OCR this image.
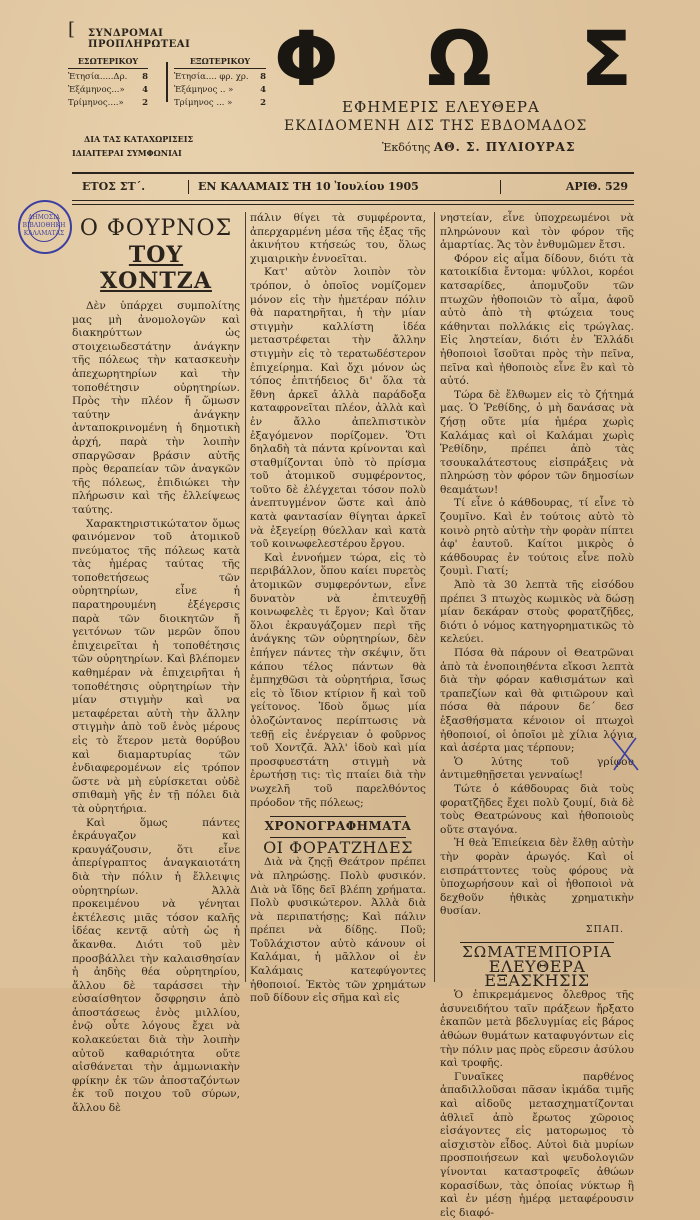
ΔΗΜΟΣΙΑ ΒΙΒΛΙΟΘΗΚΗ ΚΑΛΑΜΑΤΑΣ
[ ΣΥΝΔΡΟΜΑΙ ΠΡΟΠΛΗΡΩΤΕΑΙ
ΕΣΩΤΕΡΙΚΟΥ
Ἐτησία.....Δρ. 8
Ἐξάμηνος...» 4
Τρίμηνος....» 2
ΕΞΩΤΕΡΙΚΟΥ
Ἐτησία.... φρ. χρ. 8
Ἐξάμηνος .. »	4
Τρίμηνος ... »	2
ΔΙΑ ΤΑΣ ΚΑΤΑΧΩΡΙΣΕΙΣ
ΙΔΙΑΙΤΕΡΑΙ ΣΥΜΦΩΝΙΑΙ
Φ Ω Σ
ΕΦΗΜΕΡΙΣ ΕΛΕΥΘΕΡΑ
ΕΚΔΙΔΟΜΕΝΗ ΔΙΣ ΤΗΣ ΕΒΔΟΜΑΔΟΣ
Ἐκδότης ΑΘ. Σ. ΠΥΛΙΟΥΡΑΣ
ΕΤΟΣ ΣΤ΄.	ΕΝ ΚΑΛΑΜΑΙΣ ΤΗ 10 Ἰουλίου 1905	ΑΡΙΘ. 529
Ο ΦΟΥΡΝΟΣ
ΤΟΥ ΧΟΝΤΖΑ

Δὲν ὑπάρχει συμπολίτης μας μὴ ἀνομολογῶν καὶ διακηρύττων ὡς στοιχειωδεστάτην ἀνάγκην τῆς πόλεως τὴν κατασκευὴν ἀπεχωρητηρίων καὶ τὴν τοποθέτησιν οὐρητηρίων. Πρὸς τὴν πλέον ἤ ὥμωσν ταύτην ἀνάγκην ἀνταποκρινομένη ἡ δημοτικὴ ἀρχή, παρὰ τὴν λοιπὴν σπαργῶσαν βράσιν αὐτῆς πρὸς θεραπείαν τῶν ἀναγκῶν τῆς πόλεως, ἐπιδιώκει τὴν πλήρωσιν καὶ τῆς ἐλλείψεως ταύτης.

Χαρακτηριστικώτατον ὅμως φαινόμενον τοῦ ἀτομικοῦ πνεύματος τῆς πόλεως κατὰ τὰς ἡμέρας ταύτας τῆς τοποθετήσεως τῶν οὐρητηρίων, εἶνε ἡ παρατηρουμένη ἐξέγερσις παρὰ τῶν διοικητῶν ἤ γειτόνων τῶν μερῶν ὅπου ἐπιχειρεῖται ἡ τοποθέτησις τῶν οὐρητηρίων. Καὶ βλέπομεν καθημέραν νὰ ἐπιχειρῆται ἡ τοποθέτησις οὐρητηρίων τὴν μίαν στιγμὴν καὶ να μεταφέρεται αὐτὴ τὴν ἄλλην στιγμὴν ἀπὸ τοῦ ἑνὸς μέρους εἰς τὸ ἕτερον μετὰ θορύβου καὶ διαμαρτυρίας τῶν ἐνδιαφερομένων εἰς τρόπον ὥστε νὰ μὴ εὑρίσκεται οὐδὲ σπιθαμὴ γῆς ἐν τῇ πόλει διὰ τὰ οὐρητήρια.

Καὶ ὅμως πάντες ἐκράυγαζον καὶ κραυγάζουσιν, ὅτι εἶνε ἀπερίγραπτος ἀναγκαιοτάτη διὰ τὴν πόλιν ἡ ἔλλειψις οὐρητηρίων. Ἀλλὰ προκειμένου νὰ γένηται ἐκτέλεσις μιᾶς τόσον καλῆς ἰδέας κεντᾷ αὐτὴ ὡς ἡ ἄκανθα. Διότι τοῦ μὲν προσβάλλει τὴν καλαισθησίαν ἡ ἀηδὴς θέα οὐρητηρίου, ἄλλου δὲ ταράσσει τὴν εὐσαίσθητον ὄσφρησιν ἀπὸ ἀποστάσεως ἑνὸς μιλλίου, ἐνῷ οὗτε λόγους ἔχει νὰ κολακεύεται διὰ τὴν λοιπὴν αὐτοῦ καθαριότητα οὔτε αἰσθάνεται τὴν ἀμμωνιακὴν φρίκην ἐκ τῶν ἀποσταζόντων ἐκ τοῦ ποιχου τοῦ σύρων, ἄλλου δὲ

πάλιν θίγει τὰ συμφέροντα, ἀπερχαρμένη μέσα τῆς ἐξας τῆς ἀκινήτου κτήσεώς του, ὅλως χιμαιρικὴν ἐννοεῖται.

Κατ' αὐτὸν λοιπὸν τὸν τρόπον, ὁ ὁποῖος νομίζομεν μόνον εἰς τὴν ἡμετέραν πόλιν θὰ παρατηρῆται, ἡ τὴν μίαν στιγμὴν καλλίστη ἰδέα μεταστρέφεται τὴν ἄλλην στιγμὴν εἰς τὸ τερατωδέστερον ἐπιχείρημα. Καὶ ὄχι μόνον ὡς τόπος ἐπιτήδειος δι' ὅλα τὰ ἔθνη ἀρκεῖ ἀλλὰ παράδοξα καταφρονεῖται πλέον, ἀλλὰ καὶ ἐν ἄλλο ἀπελπιστικὸν ἐξαγόμενον πορίζομεν. Ὅτι δηλαδὴ τὰ πάντα κρίνονται καὶ σταθμίζονται ὑπὸ τὸ πρίσμα τοῦ ἀτομικοῦ συμφέροντος, τοῦτο δὲ ἐλέγχεται τόσον πολὺ ἀνεπτυγμένον ὥστε καὶ ἀπὸ κατὰ φαντασίαν θίγηται ἀρκεῖ νὰ ἐξεγείρῃ θύελλαν καὶ κατὰ τοῦ κοινωφελεστέρου ἔργου.

Καὶ ἐννοήμεν τώρα, εἰς τὸ περιβάλλον, ὅπου καίει πυρετὸς ἀτομικῶν συμφερόντων, εἶνε δυνατὸν νὰ ἐπιτευχθῇ κοινωφελὲς τι ἔργον; Καὶ ὅταν ὅλοι ἐκραυγάζομεν περὶ τῆς ἀνάγκης τῶν οὐρητηρίων, δὲν ἐπήγεν πάντες τὴν σκέψιν, ὅτι κάπου τέλος πάντων θὰ ἐμπηχθῶσι τὰ οὐρητήρια, ἴσως εἰς τὸ ἴδιον κτίριον ἤ καὶ τοῦ γείτονος. Ἰδοὺ ὅμως μία ὁλοζώντανος περίπτωσις νὰ τεθῇ εἰς ἐνέργειαν ὁ φοῦρνος τοῦ Χοντζᾶ. Ἀλλ' ἰδοὺ καὶ μία προσφυεστάτη στιγμὴ νὰ ἐρωτήσῃ τις: τὶς πταίει διὰ τὴν νωχελῆ τοῦ παρελθόντος πρόοδον τῆς πόλεως;

ΧΡΟΝΟΓΡΑΦΗΜΑΤΑ
ΟΙ ΦΟΡΑΤΖΗΔΕΣ

Διὰ νὰ ζηςῇ Θεάτρον πρέπει νὰ πληρώσῃς. Πολὺ φυσικόν. Διὰ νὰ ἴδῃς δεῖ βλέπη χρήματα. Πολὺ φυσικώτερον. Ἀλλὰ διὰ νὰ περιπατήσῃς; Καὶ πάλιν πρέπει νὰ δίδῃς. Ποῦ; Τοῦλάχιστον αὐτὸ κάνουν οἱ Καλάμαι, ἡ μᾶλλον οἱ ἐν Καλάμαις κατεφύγοντες ἠθοποιοί. Ἐκτὸς τῶν χρημάτων ποῦ δίδουν εἰς σῆμα καὶ εἰς

νηστείαν, εἶνε ὑποχρεωμένοι νὰ πληρώνουν καὶ τὸν φόρον τῆς ἁμαρτίας. Ἄς τὸν ἐνθυμῶμεν ἔτσι.

Φόρον εἰς αἷμα δίδουν, διότι τὰ κατοικίδια ἔντομα: ψύλλοι, κορέοι κατσαρίδες, ἀπομυζοῦν τῶν πτωχῶν ἠθοποιῶν τὸ αἷμα, ἀφοῦ αὐτὸ ἀπὸ τὴ φτώχεια τους κάθηνται πολλάκις εἰς τρώγλας. Εἰς ληστείαν, διότι ἐν Ἑλλάδι ἠθοποιοὶ ἴσοῦται πρὸς τὴν πεῖνα, πεῖνα καὶ ἠθοποιὸς εἶνε ἓν καὶ τὸ αὐτό.

Τώρα δὲ ἔλθωμεν εἰς τὸ ζήτημά μας. Ὁ Ῥεθίδης, ὁ μὴ δανάσας νὰ ζήσῃ οὔτε μία ἡμέρα χωρὶς Καλάμας καὶ οἱ Καλάμαι χωρὶς Ῥεθίδην, πρέπει ἀπὸ τὰς τσουκαλάτεστους εἰσπράξεις νὰ πληρώσῃ τὸν φόρον τῶν δημοσίων θεαμάτων!

Τί εἶνε ὁ κάθδουρας, τί εἶνε τὸ ζουμῖνο. Καὶ ἐν τούτοις αὐτὸ τὸ κοινὸ ρητὸ αὐτὴν τὴν φορὰν πίπτει ἀφ' ἑαυτοῦ. Καίτοι μικρὸς ὁ κάθδουρας ἐν τούτοις εἶνε πολὺ ζουμὶ. Γιατί;

Ἀπὸ τὰ 30 λεπτὰ τῆς εἰσόδου πρέπει 3 πτωχὸς κωμικὸς νὰ δώσῃ μίαν δεκάραν στοὺς φορατζῆδες, διότι ὁ νόμος κατηγορηματικῶς τὸ κελεύει.

Πόσα θὰ πάρουν οἱ Θεατρῶναι ἀπὸ τὰ ἐνοποιηθέντα εἴκοσι λεπτὰ διὰ τὴν φόραν καθισμάτων καὶ τραπεζίων καὶ θὰ φιτιῶρουν καὶ πόσα θὰ πάρουν δε΄ δεσ ἐξασθήσματα κένοιον οἱ πτωχοὶ ἠθοποιοί, οἱ ὁποῖοι μὲ χίλια λόγια καὶ ἀσέρτα μας τέρπουν;

Ὁ λύτης τοῦ γρίφου ἀντιμεθηῇσεται γενναίως!

Τώτε ὁ κάθδουρας διὰ τοὺς φορατζῆδες ἔχει πολὺ ζουμί, διὰ δὲ τοὺς Θεατρώνους καὶ ἠθοποιοὺς οὔτε σταγόνα.

Ἡ θεὰ Ἐπιείκεια δὲν ἔλθῃ αὐτὴν τὴν φορὰν ἀρωγός. Καὶ οἱ εισπράττοντες τοὺς φόρους νὰ ὑποχωρήσουν καὶ οἱ ἠθοποιοὶ νὰ δεχθοῦν ἠθικὰς χρηματικὴν θυσίαν.

ΣΠΑΠ.
ΣΩΜΑΤΕΜΠΟΡΙΑ
ΕΛΕΥΘΕΡΑ ΕΞΑΣΚΗΣΙΣ

Ὁ ἐπικρεμάμενος ὄλεθρος τῆς ἀσυνειδήτου ταῖν πράξεων ἤρξατο ἐκαπῶν μετὰ βδελυγμίας εἰς βάρος ἀθώων θυμάτων καταφυγόντων εἰς τὴν πόλιν μας πρὸς εὕρεσιν ἀσύλου καὶ τροφῆς.

Γυναῖκες παρθένος ἀπαδιλλοῦσαι πᾶσαν ἰκμάδα τιμῆς καὶ αἰδοῦς μετασχηματίζονται ἀθλιεῖ ἀπὸ ἔρωτος χῶροιος εἰσάγοντες εἰς ματορωμος τὸ αἰσχιστὸν εἶδος. Αὐτοὶ διὰ μυρίων προσποιήσεων καὶ ψευδολογιῶν γίνονται καταστροφεῖς ἀθώων κορασίδων, τὰς ὁποίας νύκτωρ ἢ καὶ ἐν μέσῃ ἡμέρᾳ μεταφέρουσιν εἰς διαφό-
